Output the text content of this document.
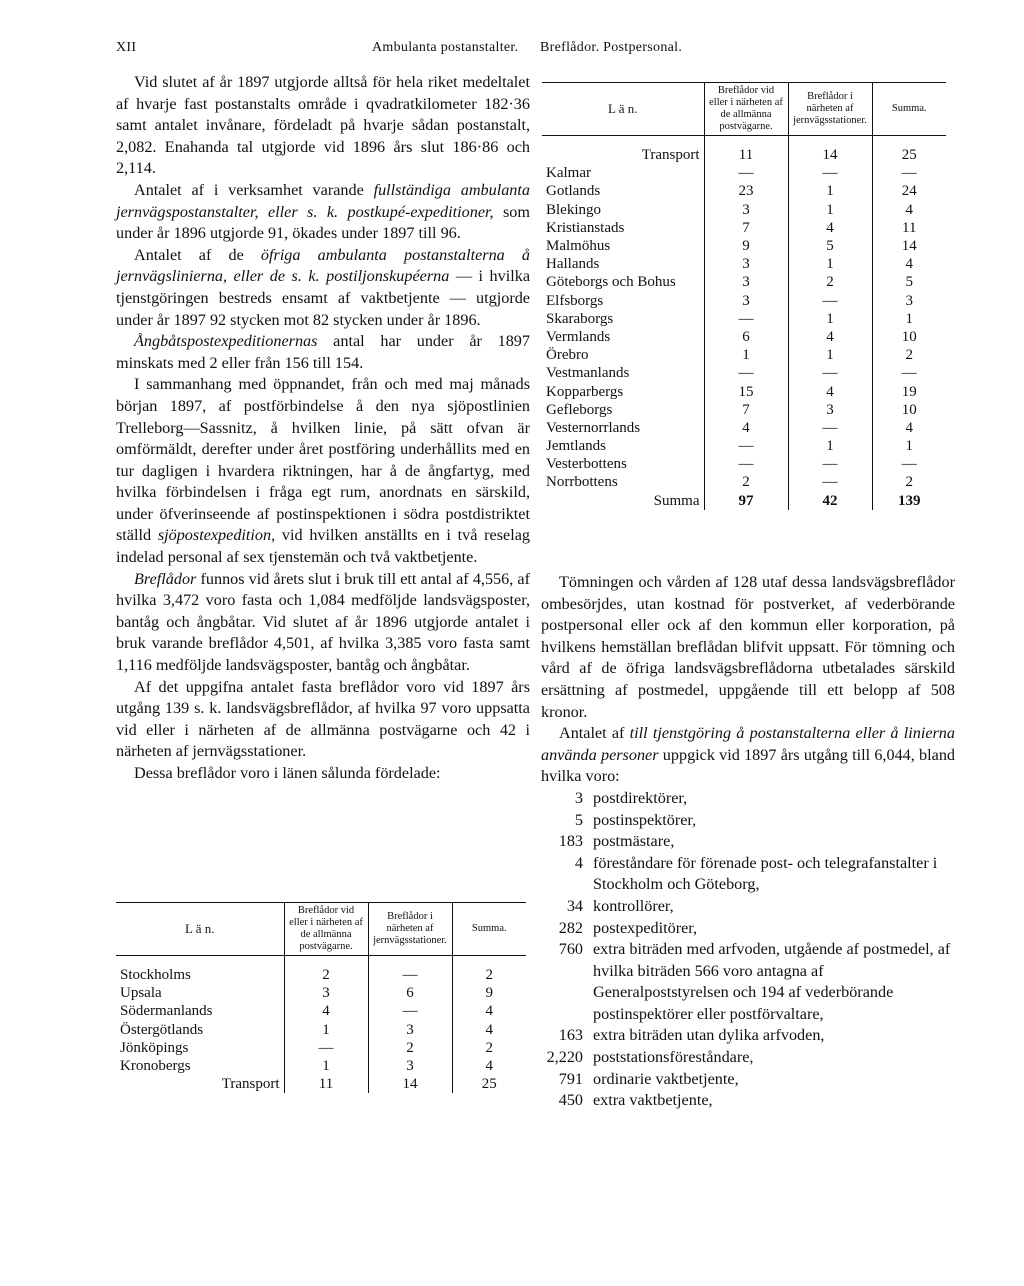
XII	Ambulanta postanstalter. Breflådor. Postpersonal.

Vid slutet af år 1897 utgjorde alltså för hela riket medeltalet af hvarje fast postanstalts område i qvadratkilometer 182·36 samt antalet invånare, fördeladt på hvarje sådan postanstalt, 2,082. Enahanda tal utgjorde vid 1896 års slut 186·86 och 2,114.

Antalet af i verksamhet varande fullständiga ambulanta jernvägspostanstalter, eller s. k. postkupé-expeditioner, som under år 1896 utgjorde 91, ökades under 1897 till 96.

Antalet af de öfriga ambulanta postanstalterna å jernvägslinierna, eller de s. k. postiljonskupéerna — i hvilka tjenstgöringen bestreds ensamt af vaktbetjente — utgjorde under år 1897 92 stycken mot 82 stycken under år 1896.

Ångbåtspostexpeditionernas antal har under år 1897 minskats med 2 eller från 156 till 154.

I sammanhang med öppnandet, från och med maj månads början 1897, af postförbindelse å den nya sjöpostlinien Trelleborg—Sassnitz, å hvilken linie, på sätt ofvan är omförmäldt, derefter under året postföring underhållits med en tur dagligen i hvardera riktningen, har å de ångfartyg, med hvilka förbindelsen i fråga egt rum, anordnats en särskild, under öfverinseende af postinspektionen i södra postdistriktet ställd sjöpostexpedition, vid hvilken anställts en i två reselag indelad personal af sex tjenstemän och två vaktbetjente.

Breflådor funnos vid årets slut i bruk till ett antal af 4,556, af hvilka 3,472 voro fasta och 1,084 medföljde landsvägsposter, bantåg och ångbåtar. Vid slutet af år 1896 utgjorde antalet i bruk varande breflådor 4,501, af hvilka 3,385 voro fasta samt 1,116 medföljde landsvägsposter, bantåg och ångbåtar.

Af det uppgifna antalet fasta breflådor voro vid 1897 års utgång 139 s. k. landsvägsbreflådor, af hvilka 97 voro uppsatta vid eller i närheten af de allmänna postvägarne och 42 i närheten af jernvägsstationer.

Dessa breflådor voro i länen sålunda fördelade:

L ä n.	Breflådor vid eller i närheten af de allmänna postvägarne.	Breflådor i närheten af jernvägsstationer.	Summa.

Stockholms	2	—	2
Upsala	3	6	9
Södermanlands	4	—	4
Östergötlands	1	3	4
Jönköpings	—	2	2
Kronobergs	1	3	4
Transport	11	14	25
L ä n.	Breflådor vid eller i närheten af de allmänna postvägarne.	Breflådor i närheten af jernvägsstationer.	Summa.

Transport	11	14	25
Kalmar	—	—	—
Gotlands	23	1	24
Blekingo	3	1	4
Kristianstads	7	4	11
Malmöhus	9	5	14
Hallands	3	1	4
Göteborgs och Bohus	3	2	5
Elfsborgs	3	—	3
Skaraborgs	—	1	1
Vermlands	6	4	10
Örebro	1	1	2
Vestmanlands	—	—	—
Kopparbergs	15	4	19
Gefleborgs	7	3	10
Vesternorrlands	4	—	4
Jemtlands	—	1	1
Vesterbottens	—	—	—
Norrbottens	2	—	2
Summa	97	42	139

Tömningen och vården af 128 utaf dessa landsvägsbreflådor ombesörjdes, utan kostnad för postverket, af vederbörande postpersonal eller ock af den kommun eller korporation, på hvilkens hemställan breflådan blifvit uppsatt. För tömning och vård af de öfriga landsvägsbreflådorna utbetalades särskild ersättning af postmedel, uppgående till ett belopp af 508 kronor.

Antalet af till tjenstgöring å postanstalterna eller å linierna använda personer uppgick vid 1897 års utgång till 6,044, bland hvilka voro:

3 postdirektörer,
5 postinspektörer,
183 postmästare,
4 föreståndare för förenade post- och telegrafanstalter i Stockholm och Göteborg,
34 kontrollörer,
282 postexpeditörer,
760 extra biträden med arfvoden, utgående af postmedel, af hvilka biträden 566 voro antagna af Generalpoststyrelsen och 194 af vederbörande postinspektörer eller postförvaltare,
163 extra biträden utan dylika arfvoden,
2,220 poststationsföreståndare,
791 ordinarie vaktbetjente,
450 extra vaktbetjente,
